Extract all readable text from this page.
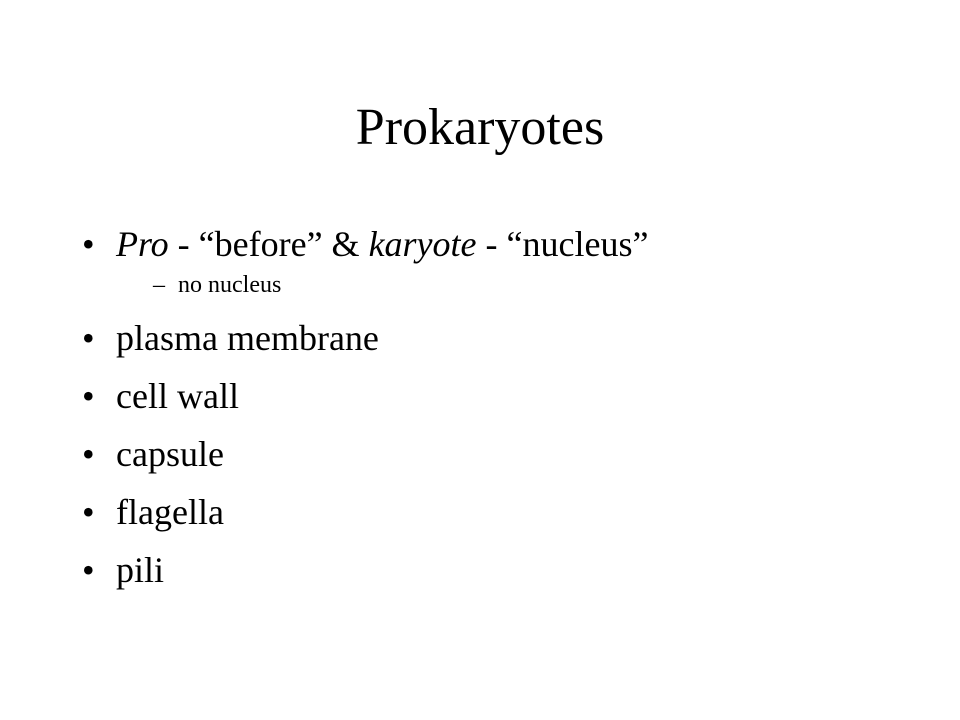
Prokaryotes
• Pro - “before” & karyote - “nucleus”
– no nucleus
• plasma membrane
• cell wall
• capsule
• flagella
• pili
